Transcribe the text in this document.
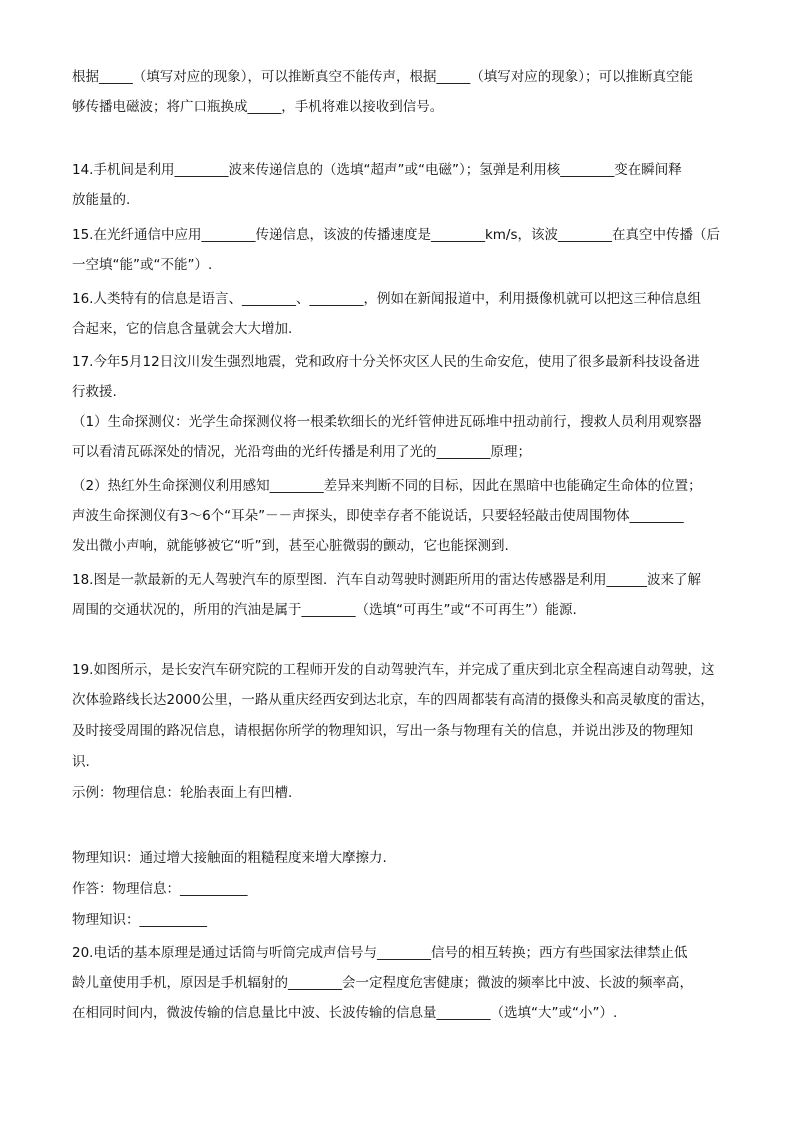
根据_____（填写对应的现象），可以推断真空不能传声，根据_____（填写对应的现象）；可以推断真空能
够传播电磁波；将广口瓶换成_____，手机将难以接收到信号。
14.手机间是利用________波来传递信息的（选填“超声”或“电磁”）；氢弹是利用核________变在瞬间释
放能量的.
15.在光纤通信中应用________传递信息，该波的传播速度是________km/s，该波________在真空中传播（后
一空填“能”或“不能”）.
16.人类特有的信息是语言、________、________，例如在新闻报道中，利用摄像机就可以把这三种信息组
合起来，它的信息含量就会大大增加.
17.今年5月12日汶川发生强烈地震，党和政府十分关怀灾区人民的生命安危，使用了很多最新科技设备进
行救援.
（1）生命探测仪：光学生命探测仪将一根柔软细长的光纤管伸进瓦砾堆中扭动前行，搜救人员利用观察器
可以看清瓦砾深处的情况，光沿弯曲的光纤传播是利用了光的________原理；
（2）热红外生命探测仪利用感知________差异来判断不同的目标，因此在黑暗中也能确定生命体的位置；
声波生命探测仪有3～6个“耳朵”－－声探头，即使幸存者不能说话，只要轻轻敲击使周围物体________
发出微小声响，就能够被它“听”到，甚至心脏微弱的颤动，它也能探测到.
18.图是一款最新的无人驾驶汽车的原型图．汽车自动驾驶时测距所用的雷达传感器是利用______波来了解
周围的交通状况的，所用的汽油是属于________（选填“可再生”或“不可再生”）能源.
19.如图所示，是长安汽车研究院的工程师开发的自动驾驶汽车，并完成了重庆到北京全程高速自动驾驶，这
次体验路线长达2000公里，一路从重庆经西安到达北京，车的四周都装有高清的摄像头和高灵敏度的雷达，
及时接受周围的路况信息，请根据你所学的物理知识，写出一条与物理有关的信息，并说出涉及的物理知
识.
示例：物理信息：轮胎表面上有凹槽.
物理知识：通过增大接触面的粗糙程度来增大摩擦力.
作答：物理信息：__________
物理知识：__________
20.电话的基本原理是通过话筒与听筒完成声信号与________信号的相互转换；西方有些国家法律禁止低
龄儿童使用手机，原因是手机辐射的________会一定程度危害健康；微波的频率比中波、长波的频率高，
在相同时间内，微波传输的信息量比中波、长波传输的信息量________（选填“大”或“小”）.
